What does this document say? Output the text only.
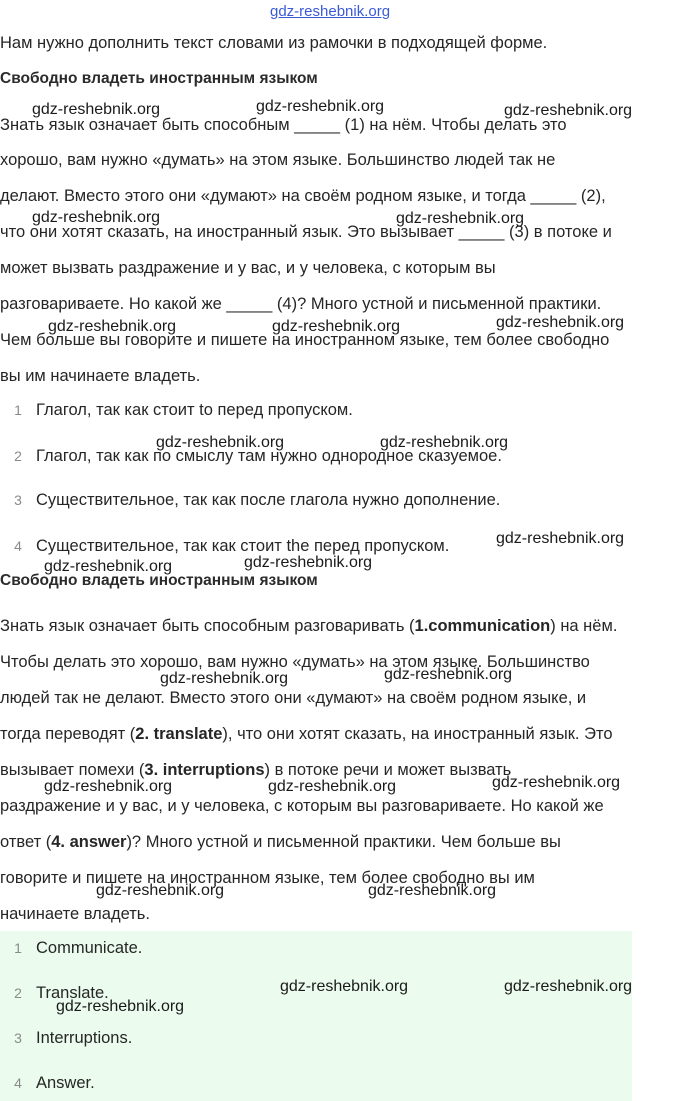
gdz-reshebnik.org
Нам нужно дополнить текст словами из рамочки в подходящей форме.
Свободно владеть иностранным языком
Знать язык означает быть способным _____ (1) на нём. Чтобы делать это
хорошо, вам нужно «думать» на этом языке. Большинство людей так не
делают. Вместо этого они «думают» на своём родном языке, и тогда _____ (2),
что они хотят сказать, на иностранный язык. Это вызывает _____ (3) в потоке и
может вызвать раздражение и у вас, и у человека, с которым вы
разговариваете. Но какой же _____ (4)? Много устной и письменной практики.
Чем больше вы говорите и пишете на иностранном языке, тем более свободно
вы им начинаете владеть.
1 Глагол, так как стоит to перед пропуском.
2 Глагол, так как по смыслу там нужно однородное сказуемое.
3 Существительное, так как после глагола нужно дополнение.
4 Существительное, так как стоит the перед пропуском.
Свободно владеть иностранным языком
Знать язык означает быть способным разговаривать (1.communication) на нём.
Чтобы делать это хорошо, вам нужно «думать» на этом языке. Большинство
людей так не делают. Вместо этого они «думают» на своём родном языке, и
тогда переводят (2. translate), что они хотят сказать, на иностранный язык. Это
вызывает помехи (3. interruptions) в потоке речи и может вызвать
раздражение и у вас, и у человека, с которым вы разговариваете. Но какой же
ответ (4. answer)? Много устной и письменной практики. Чем больше вы
говорите и пишете на иностранном языке, тем более свободно вы им
начинаете владеть.
1 Communicate.
2 Translate.
3 Interruptions.
4 Answer.
gdz-reshebnik.org	gdz-reshebnik.org	gdz-reshebnik.org
gdz-reshebnik.org	gdz-reshebnik.org
gdz-reshebnik.org	gdz-reshebnik.org	gdz-reshebnik.org
gdz-reshebnik.org	gdz-reshebnik.org
gdz-reshebnik.org
gdz-reshebnik.org	gdz-reshebnik.org
gdz-reshebnik.org	gdz-reshebnik.org
gdz-reshebnik.org	gdz-reshebnik.org	gdz-reshebnik.org
gdz-reshebnik.org	gdz-reshebnik.org
gdz-reshebnik.org	gdz-reshebnik.org
gdz-reshebnik.org
